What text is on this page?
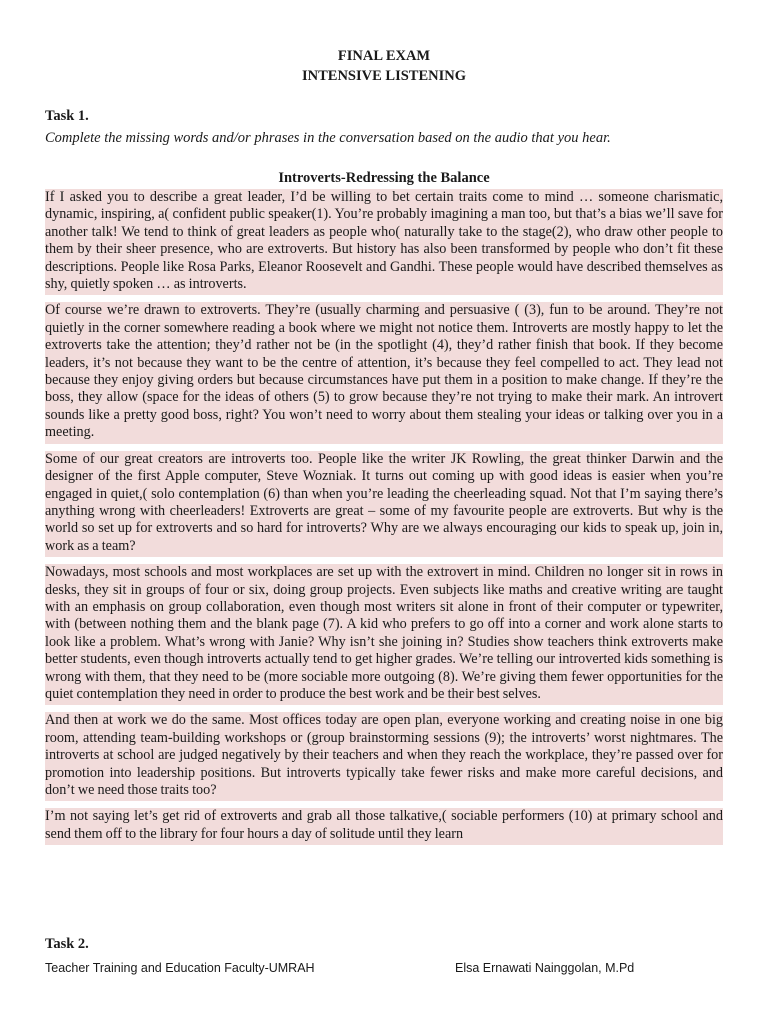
FINAL EXAM
INTENSIVE LISTENING
Task 1.
Complete the missing words and/or phrases in the conversation based on the audio that you hear.
Introverts-Redressing the Balance

If I asked you to describe a great leader, I’d be willing to bet certain traits come to mind … someone charismatic, dynamic, inspiring, a( confident public speaker(1). You’re probably imagining a man too, but that’s a bias we’ll save for another talk! We tend to think of great leaders as people who( naturally take to the stage(2), who draw other people to them by their sheer presence, who are extroverts. But history has also been transformed by people who don’t fit these descriptions. People like Rosa Parks, Eleanor Roosevelt and Gandhi. These people would have described themselves as shy, quietly spoken … as introverts.

Of course we’re drawn to extroverts. They’re (usually charming and persuasive ( (3), fun to be around. They’re not quietly in the corner somewhere reading a book where we might not notice them. Introverts are mostly happy to let the extroverts take the attention; they’d rather not be (in the spotlight (4), they’d rather finish that book. If they become leaders, it’s not because they want to be the centre of attention, it’s because they feel compelled to act. They lead not because they enjoy giving orders but because circumstances have put them in a position to make change. If they’re the boss, they allow (space for the ideas of others (5) to grow because they’re not trying to make their mark. An introvert sounds like a pretty good boss, right? You won’t need to worry about them stealing your ideas or talking over you in a meeting.

Some of our great creators are introverts too. People like the writer JK Rowling, the great thinker Darwin and the designer of the first Apple computer, Steve Wozniak. It turns out coming up with good ideas is easier when you’re engaged in quiet,( solo contemplation (6) than when you’re leading the cheerleading squad. Not that I’m saying there’s anything wrong with cheerleaders! Extroverts are great – some of my favourite people are extroverts. But why is the world so set up for extroverts and so hard for introverts? Why are we always encouraging our kids to speak up, join in, work as a team?

Nowadays, most schools and most workplaces are set up with the extrovert in mind. Children no longer sit in rows in desks, they sit in groups of four or six, doing group projects. Even subjects like maths and creative writing are taught with an emphasis on group collaboration, even though most writers sit alone in front of their computer or typewriter, with (between nothing them and the blank page (7). A kid who prefers to go off into a corner and work alone starts to look like a problem. What’s wrong with Janie? Why isn’t she joining in? Studies show teachers think extroverts make better students, even though introverts actually tend to get higher grades. We’re telling our introverted kids something is wrong with them, that they need to be (more sociable more outgoing (8). We’re giving them fewer opportunities for the quiet contemplation they need in order to produce the best work and be their best selves.

And then at work we do the same. Most offices today are open plan, everyone working and creating noise in one big room, attending team-building workshops or (group brainstorming sessions (9); the introverts’ worst nightmares. The introverts at school are judged negatively by their teachers and when they reach the workplace, they’re passed over for promotion into leadership positions. But introverts typically take fewer risks and make more careful decisions, and don’t we need those traits too?

I’m not saying let’s get rid of extroverts and grab all those talkative,( sociable performers (10) at primary school and send them off to the library for four hours a day of solitude until they learn

Task 2.
Teacher Training and Education Faculty-UMRAH	Elsa Ernawati Nainggolan, M.Pd
